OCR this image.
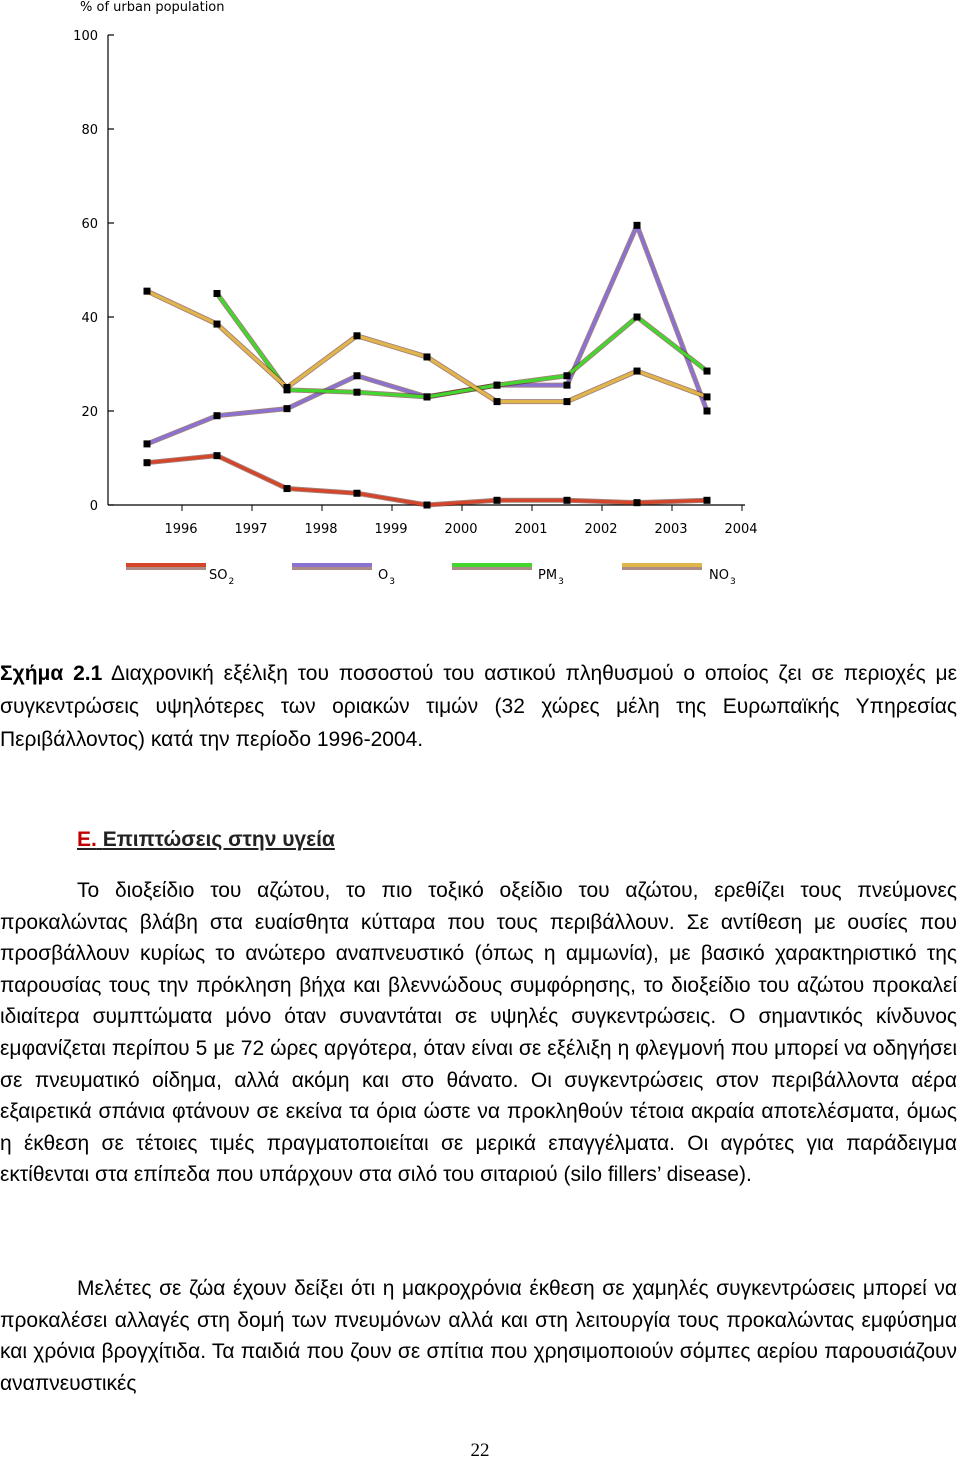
% of urban population
0
20
40
60
80
100
1996	1997	1998	1999	2000	2001	2002	2003	2004
$SO_2$	$O_3$	$PM_3$	$NO_3$

Σχήμα 2.1 Διαχρονική εξέλιξη του ποσοστού του αστικού πληθυσμού ο οποίος ζει σε περιοχές με συγκεντρώσεις υψηλότερες των οριακών τιμών (32 χώρες μέλη της Ευρωπαϊκής Υπηρεσίας Περιβάλλοντος) κατά την περίοδο 1996-2004.

E. Επιπτώσεις στην υγεία

Το διοξείδιο του αζώτου, το πιο τοξικό οξείδιο του αζώτου, ερεθίζει τους πνεύμονες προκαλώντας βλάβη στα ευαίσθητα κύτταρα που τους περιβάλλουν. Σε αντίθεση με ουσίες που προσβάλλουν κυρίως το ανώτερο αναπνευστικό (όπως η αμμωνία), με βασικό χαρακτηριστικό της παρουσίας τους την πρόκληση βήχα και βλεννώδους συμφόρησης, το διοξείδιο του αζώτου προκαλεί ιδιαίτερα συμπτώματα μόνο όταν συναντάται σε υψηλές συγκεντρώσεις. Ο σημαντικός κίνδυνος εμφανίζεται περίπου 5 με 72 ώρες αργότερα, όταν είναι σε εξέλιξη η φλεγμονή που μπορεί να οδηγήσει σε πνευματικό οίδημα, αλλά ακόμη και στο θάνατο. Οι συγκεντρώσεις στον περιβάλλοντα αέρα εξαιρετικά σπάνια φτάνουν σε εκείνα τα όρια ώστε να προκληθούν τέτοια ακραία αποτελέσματα, όμως η έκθεση σε τέτοιες τιμές πραγματοποιείται σε μερικά επαγγέλματα. Οι αγρότες για παράδειγμα εκτίθενται στα επίπεδα που υπάρχουν στα σιλό του σιταριού (silo fillers’ disease).

Μελέτες σε ζώα έχουν δείξει ότι η μακροχρόνια έκθεση σε χαμηλές συγκεντρώσεις μπορεί να προκαλέσει αλλαγές στη δομή των πνευμόνων αλλά και στη λειτουργία τους προκαλώντας εμφύσημα και χρόνια βρογχίτιδα. Τα παιδιά που ζουν σε σπίτια που χρησιμοποιούν σόμπες αερίου παρουσιάζουν αναπνευστικές

22
